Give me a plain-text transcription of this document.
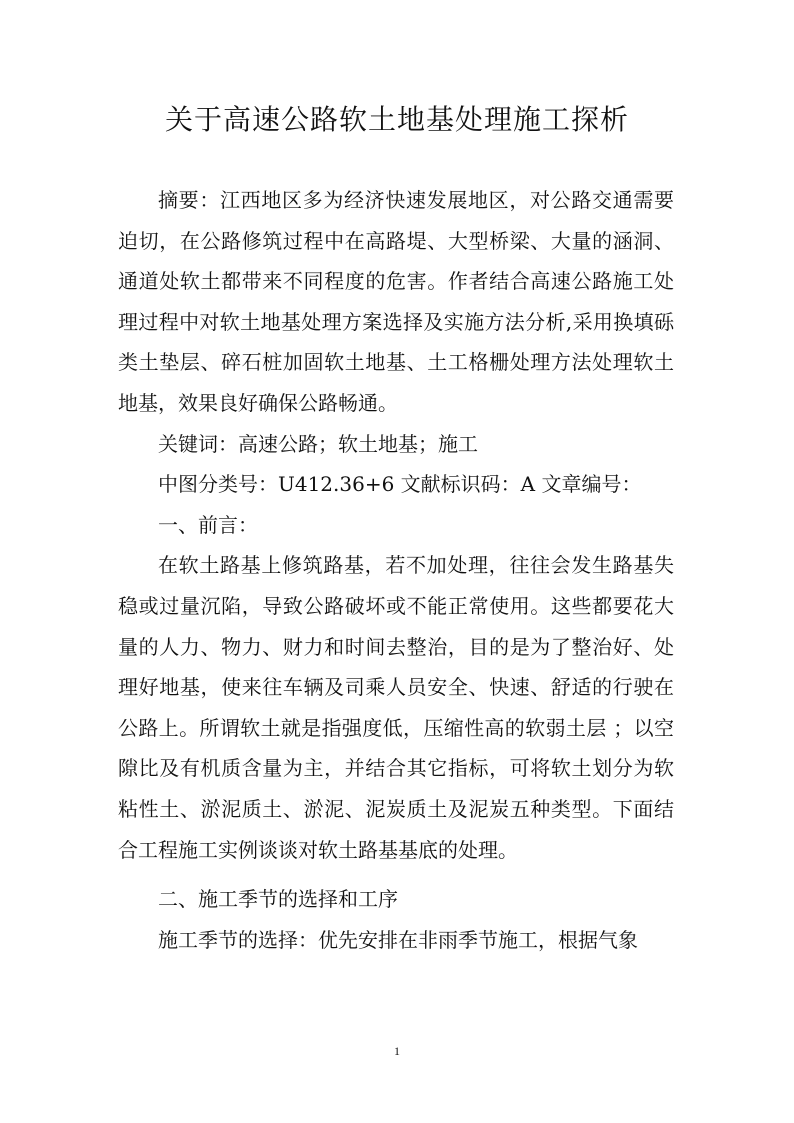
关于高速公路软土地基处理施工探析

摘要：江西地区多为经济快速发展地区，对公路交通需要迫切，在公路修筑过程中在高路堤、大型桥梁、大量的涵洞、通道处软土都带来不同程度的危害。作者结合高速公路施工处理过程中对软土地基处理方案选择及实施方法分析,采用换填砾类土垫层、碎石桩加固软土地基、土工格栅处理方法处理软土地基，效果良好确保公路畅通。

关键词：高速公路；软土地基；施工

中图分类号：U412.36+6 文献标识码：A 文章编号：

一、前言：

在软土路基上修筑路基，若不加处理，往往会发生路基失稳或过量沉陷，导致公路破坏或不能正常使用。这些都要花大量的人力、物力、财力和时间去整治，目的是为了整治好、处理好地基，使来往车辆及司乘人员安全、快速、舒适的行驶在公路上。所谓软土就是指强度低，压缩性高的软弱土层 ；以空隙比及有机质含量为主，并结合其它指标，可将软土划分为软粘性土、淤泥质土、淤泥、泥炭质土及泥炭五种类型。下面结合工程施工实例谈谈对软土路基基底的处理。

二、施工季节的选择和工序

施工季节的选择：优先安排在非雨季节施工，根据气象

1
